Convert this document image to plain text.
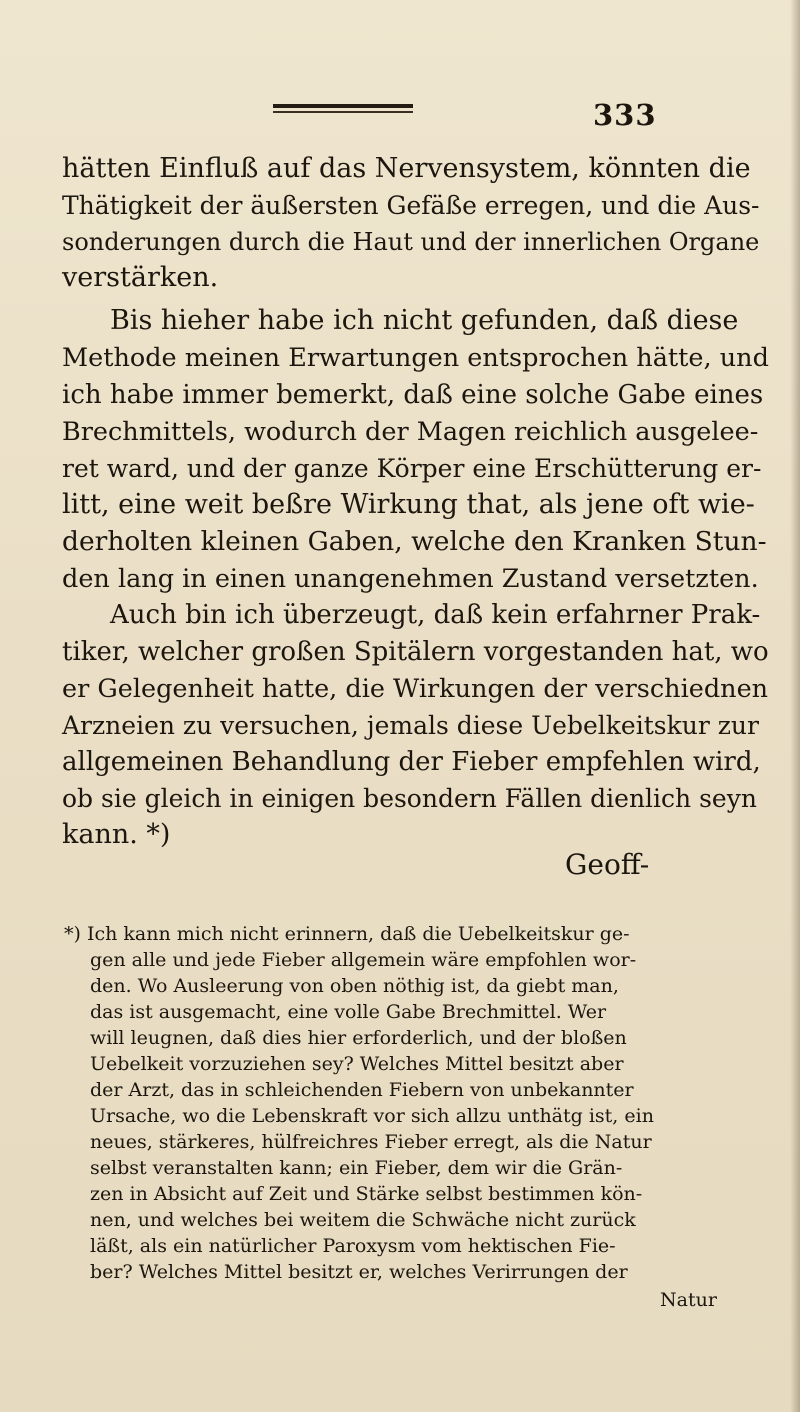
333
hätten Einfluß auf das Nervensystem, könnten die
Thätigkeit der äußersten Gefäße erregen, und die Aus-
sonderungen durch die Haut und der innerlichen Organe
verstärken.
Bis hieher habe ich nicht gefunden, daß diese
Methode meinen Erwartungen entsprochen hätte, und
ich habe immer bemerkt, daß eine solche Gabe eines
Brechmittels, wodurch der Magen reichlich ausgelee-
ret ward, und der ganze Körper eine Erschütterung er-
litt, eine weit beßre Wirkung that, als jene oft wie-
derholten kleinen Gaben, welche den Kranken Stun-
den lang in einen unangenehmen Zustand versetzten.
Auch bin ich überzeugt, daß kein erfahrner Prak-
tiker, welcher großen Spitälern vorgestanden hat, wo
er Gelegenheit hatte, die Wirkungen der verschiednen
Arzneien zu versuchen, jemals diese Uebelkeitskur zur
allgemeinen Behandlung der Fieber empfehlen wird,
ob sie gleich in einigen besondern Fällen dienlich seyn
kann. *)
Geoff-
*) Ich kann mich nicht erinnern, daß die Uebelkeitskur ge-
gen alle und jede Fieber allgemein wäre empfohlen wor-
den. Wo Ausleerung von oben nöthig ist, da giebt man,
das ist ausgemacht, eine volle Gabe Brechmittel. Wer
will leugnen, daß dies hier erforderlich, und der bloßen
Uebelkeit vorzuziehen sey? Welches Mittel besitzt aber
der Arzt, das in schleichenden Fiebern von unbekannter
Ursache, wo die Lebenskraft vor sich allzu unthätg ist, ein
neues, stärkeres, hülfreichres Fieber erregt, als die Natur
selbst veranstalten kann; ein Fieber, dem wir die Grän-
zen in Absicht auf Zeit und Stärke selbst bestimmen kön-
nen, und welches bei weitem die Schwäche nicht zurück
läßt, als ein natürlicher Paroxysm vom hektischen Fie-
ber? Welches Mittel besitzt er, welches Verirrungen der
Natur
